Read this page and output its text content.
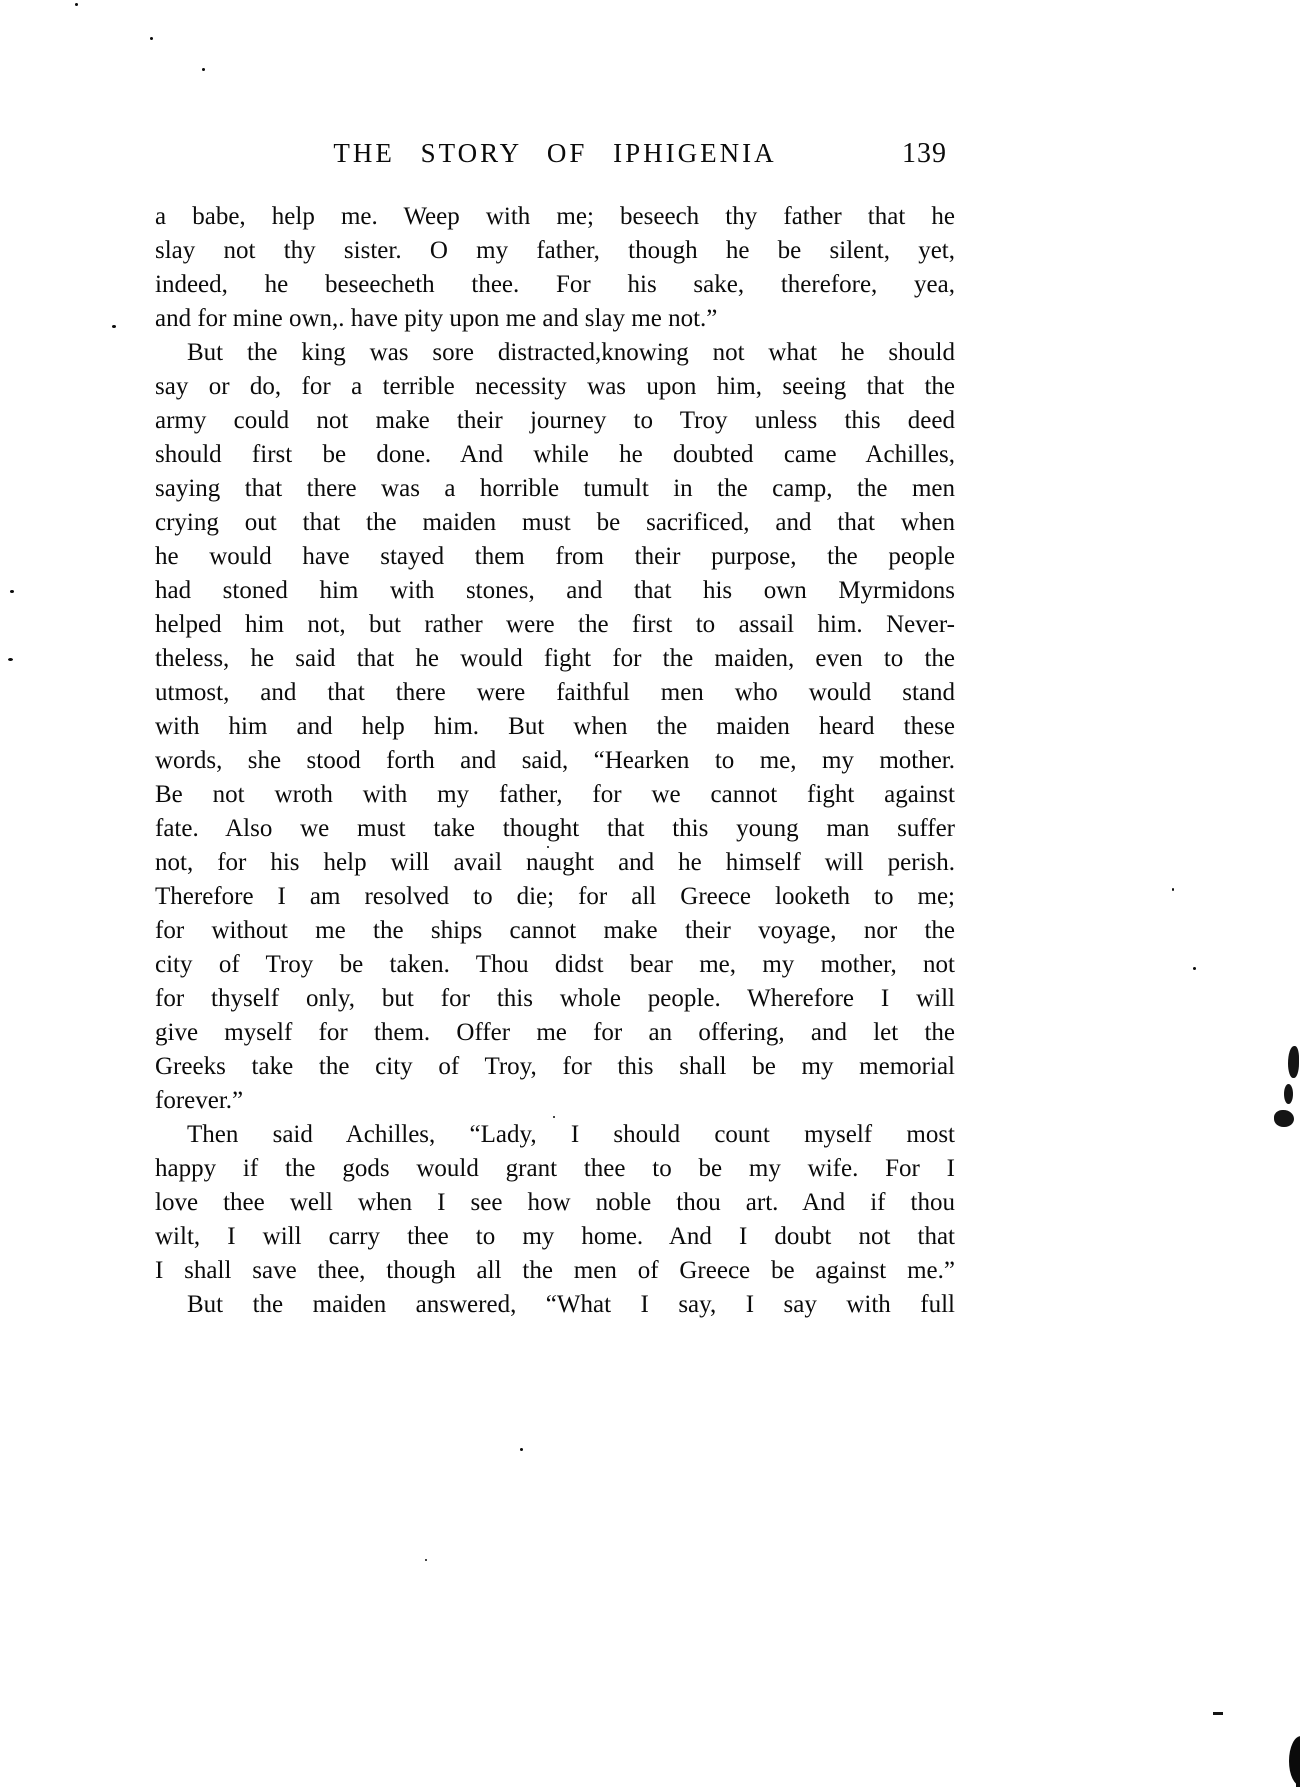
THE STORY OF IPHIGENIA	139
a babe, help me. Weep with me; beseech thy father that he
slay not thy sister. O my father, though he be silent, yet,
indeed, he beseecheth thee. For his sake, therefore, yea,
and for mine own,. have pity upon me and slay me not.”
But the king was sore distracted,knowing not what he should
say or do, for a terrible necessity was upon him, seeing that the
army could not make their journey to Troy unless this deed
should first be done. And while he doubted came Achilles,
saying that there was a horrible tumult in the camp, the men
crying out that the maiden must be sacrificed, and that when
he would have stayed them from their purpose, the people
had stoned him with stones, and that his own Myrmidons
helped him not, but rather were the first to assail him. Never-
theless, he said that he would fight for the maiden, even to the
utmost, and that there were faithful men who would stand
with him and help him. But when the maiden heard these
words, she stood forth and said, “Hearken to me, my mother.
Be not wroth with my father, for we cannot fight against
fate. Also we must take thought that this young man suffer
not, for his help will avail naught and he himself will perish.
Therefore I am resolved to die; for all Greece looketh to me;
for without me the ships cannot make their voyage, nor the
city of Troy be taken. Thou didst bear me, my mother, not
for thyself only, but for this whole people. Wherefore I will
give myself for them. Offer me for an offering, and let the
Greeks take the city of Troy, for this shall be my memorial
forever.”
Then said Achilles, “Lady, I should count myself most
happy if the gods would grant thee to be my wife. For I
love thee well when I see how noble thou art. And if thou
wilt, I will carry thee to my home. And I doubt not that
I shall save thee, though all the men of Greece be against me.”
But the maiden answered, “What I say, I say with full
